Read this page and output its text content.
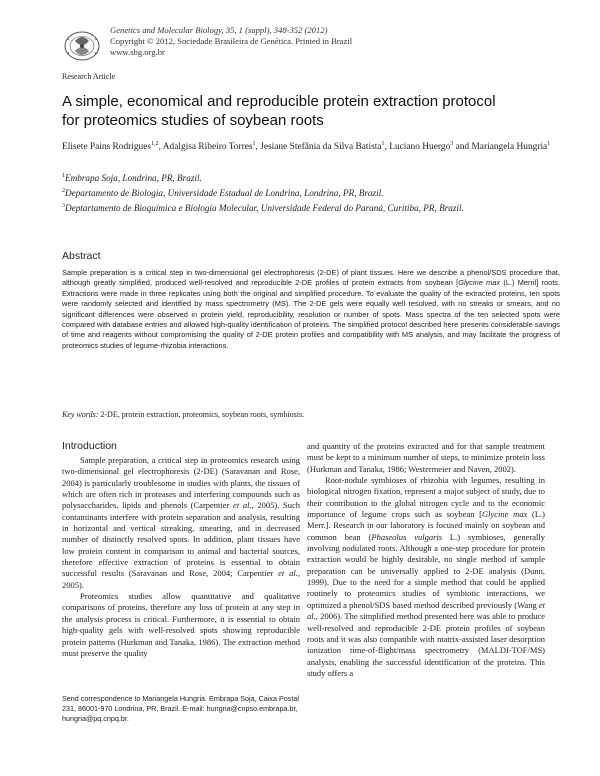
Genetics and Molecular Biology, 35, 1 (suppl), 348-352 (2012)
Copyright © 2012, Sociedade Brasileira de Genética. Printed in Brazil
www.sbg.org.br
Research Article
A simple, economical and reproducible protein extraction protocol
for proteomics studies of soybean roots
Elisete Pains Rodrigues$^{1,2}$, Adalgisa Ribeiro Torres$^1$, Jesiane Stefânia da Silva Batista$^1$, Luciano Huergo$^3$ and Mariangela Hungria$^1$

$^1$Embrapa Soja, Londrina, PR, Brazil.

$^2$Departamento de Biologia, Universidade Estadual de Londrina, Londrina, PR, Brazil.

$^3$Deptartamento de Bioquímica e Biologia Molecular, Universidade Federal do Paraná, Curitiba, PR, Brazil.

Abstract

Sample preparation is a critical step in two-dimensional gel electrophoresis (2-DE) of plant tissues. Here we describe a phenol/SDS procedure that, although greatly simplified, produced well-resolved and reproducible 2-DE profiles of protein extracts from soybean [Glycine max (L.) Merril] roots. Extractions were made in three replicates using both the original and simplified procedure. To evaluate the quality of the extracted proteins, ten spots were randomly selected and identified by mass spectrometry (MS). The 2-DE gels were equally well resolved, with no streaks or smears, and no significant differences were observed in protein yield, reproducibility, resolution or number of spots. Mass spectra of the ten selected spots were compared with database entries and allowed high-quality identification of proteins. The simplified protocol described here presents considerable savings of time and reagents without compromising the quality of 2-DE protein profiles and compatibility with MS analysis, and may facilitate the progress of proteomics studies of legume-rhizobia interactions.

Key words: 2-DE, protein extraction, proteomics, soybean roots, symbiosis.
Introduction

Sample preparation, a critical step in proteomics research using two-dimensional gel electrophoresis (2-DE) (Saravanan and Rose, 2004) is particularly troublesome in studies with plants, the tissues of which are often rich in proteases and interfering compounds such as polysaccharides, lipids and phenols (Carpentier et al., 2005). Such contaminants interfere with protein separation and analysis, resulting in horizontal and vertical streaking, smearing, and in decreased number of distinctly resolved spots. In addition, plant tissues have low protein content in comparison to animal and bacterial sources, therefore effective extraction of proteins is essential to obtain successful results (Saravanan and Rose, 2004; Carpentier et al., 2005).

Proteomics studies allow quantitative and qualitative comparisons of proteins, therefore any loss of protein at any step in the analysis process is critical. Furthermore, it is essential to obtain high-quality gels with well-resolved spots showing reproducible protein patterns (Hurkman and Tanaka, 1986). The extraction method must preserve the quality

and quantity of the proteins extracted and for that sample treatment must be kept to a minimum number of steps, to minimize protein loss (Hurkman and Tanaka, 1986; Westermeier and Naven, 2002).

Root-nodule symbioses of rhizobia with legumes, resulting in biological nitrogen fixation, represent a major subject of study, due to their contribution to the global nitrogen cycle and to the economic importance of legume crops such as soybean [Glycine max (L.) Merr.]. Research in our laboratory is focused mainly on soybean and common bean (Phaseolus vulgaris L.) symbioses, generally involving nodulated roots. Although a one-step procedure for protein extraction would be highly desirable, no single method of sample preparation can be universally applied to 2-DE analysis (Dunn, 1999). Due to the need for a simple method that could be applied routinely to proteomics studies of symbiotic interactions, we optimized a phenol/SDS based method described previously (Wang et al., 2006). The simplified method presented here was able to produce well-resolved and reproducible 2-DE protein profiles of soybean roots and it was also compatible with matrix-assisted laser desorption ionization time-of-flight/mass spectrometry (MALDI-TOF/MS) analysis, enabling the successful identification of the proteins. This study offers a

Send correspondence to Mariangela Hungria. Embrapa Soja, Caixa Postal 231, 86001-970 Londrina, PR, Brazil. E-mail: hungria@cnpso.embrapa.br, hungria@pq.cnpq.br.
